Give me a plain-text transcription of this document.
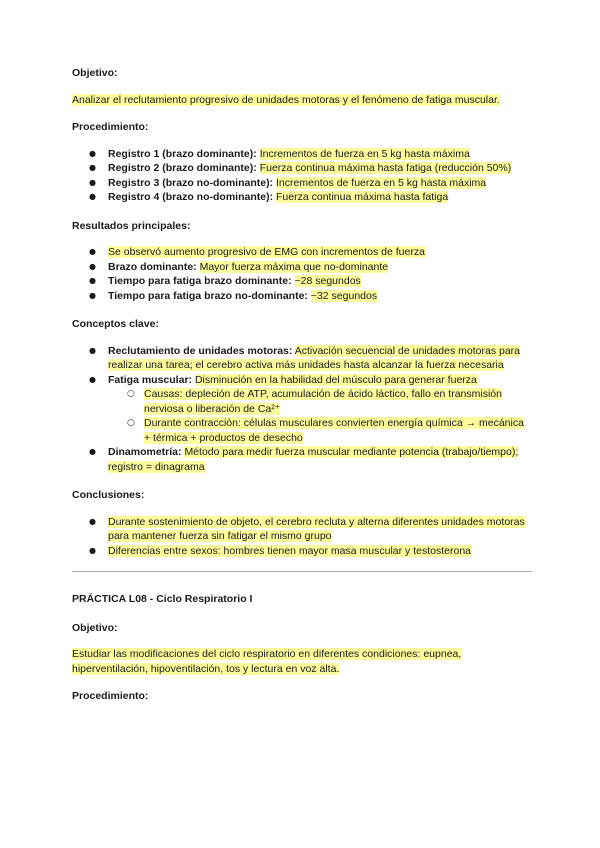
Objetivo:

Analizar el reclutamiento progresivo de unidades motoras y el fenómeno de fatiga muscular.

Procedimiento:

● Registro 1 (brazo dominante): Incrementos de fuerza en 5 kg hasta máxima
● Registro 2 (brazo dominante): Fuerza continua máxima hasta fatiga (reducción 50%)
● Registro 3 (brazo no-dominante): Incrementos de fuerza en 5 kg hasta máxima
● Registro 4 (brazo no-dominante): Fuerza continua máxima hasta fatiga

Resultados principales:

● Se observó aumento progresivo de EMG con incrementos de fuerza
● Brazo dominante: Mayor fuerza máxima que no-dominante
● Tiempo para fatiga brazo dominante: ~28 segundos
● Tiempo para fatiga brazo no-dominante: ~32 segundos

Conceptos clave:

● Reclutamiento de unidades motoras: Activación secuencial de unidades motoras para realizar una tarea; el cerebro activa más unidades hasta alcanzar la fuerza necesaria
● Fatiga muscular: Disminución en la habilidad del músculo para generar fuerza
○ Causas: depleción de ATP, acumulación de ácido láctico, fallo en transmisión nerviosa o liberación de Ca²⁺
○ Durante contracción: células musculares convierten energía química → mecánica + térmica + productos de desecho
● Dinamometría: Método para medir fuerza muscular mediante potencia (trabajo/tiempo); registro = dinagrama

Conclusiones:

● Durante sostenimiento de objeto, el cerebro recluta y alterna diferentes unidades motoras para mantener fuerza sin fatigar el mismo grupo
● Diferencias entre sexos: hombres tienen mayor masa muscular y testosterona

PRÁCTICA L08 - Ciclo Respiratorio I

Objetivo:

Estudiar las modificaciones del ciclo respiratorio en diferentes condiciones: eupnea, hiperventilación, hipoventilación, tos y lectura en voz alta.

Procedimiento:
